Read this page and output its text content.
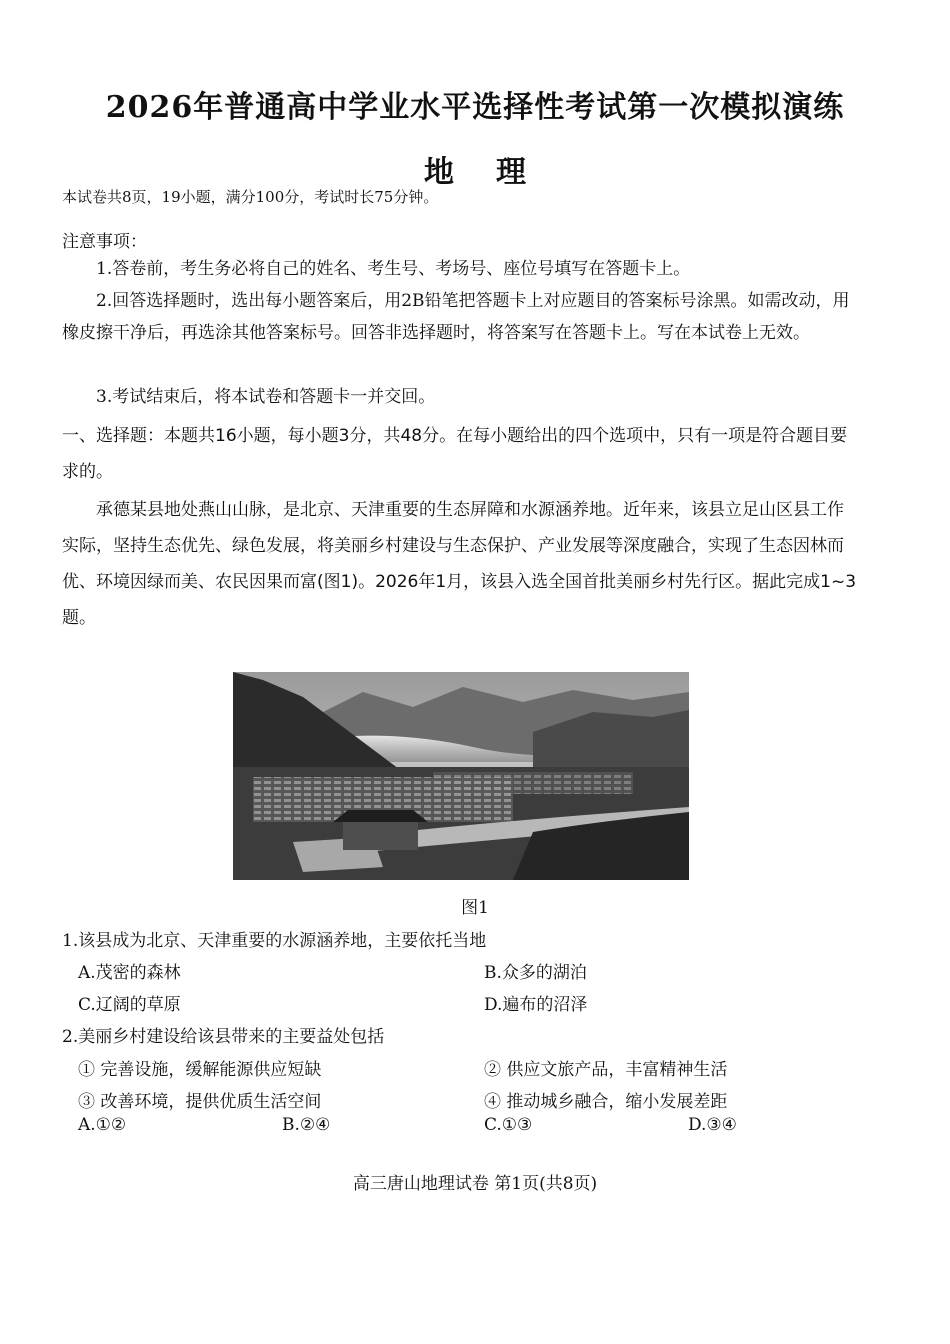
2026年普通高中学业水平选择性考试第一次模拟演练
地理
本试卷共8页，19小题，满分100分，考试时长75分钟。
注意事项：
1.答卷前，考生务必将自己的姓名、考生号、考场号、座位号填写在答题卡上。
2.回答选择题时，选出每小题答案后，用2B铅笔把答题卡上对应题目的答案标号涂黑。如需改动，用橡皮擦干净后，再选涂其他答案标号。回答非选择题时，将答案写在答题卡上。写在本试卷上无效。
3.考试结束后，将本试卷和答题卡一并交回。
一、选择题：本题共16小题，每小题3分，共48分。在每小题给出的四个选项中，只有一项是符合题目要求的。
承德某县地处燕山山脉，是北京、天津重要的生态屏障和水源涵养地。近年来，该县立足山区县工作实际，坚持生态优先、绿色发展，将美丽乡村建设与生态保护、产业发展等深度融合，实现了生态因林而优、环境因绿而美、农民因果而富(图1)。2026年1月，该县入选全国首批美丽乡村先行区。据此完成1~3题。
图1
1.该县成为北京、天津重要的水源涵养地，主要依托当地
A.茂密的森林	B.众多的湖泊
C.辽阔的草原	D.遍布的沼泽
2.美丽乡村建设给该县带来的主要益处包括
① 完善设施，缓解能源供应短缺	② 供应文旅产品，丰富精神生活
③ 改善环境，提供优质生活空间	④ 推动城乡融合，缩小发展差距
A.①②	B.②④	C.①③	D.③④
高三唐山地理试卷 第1页(共8页)
